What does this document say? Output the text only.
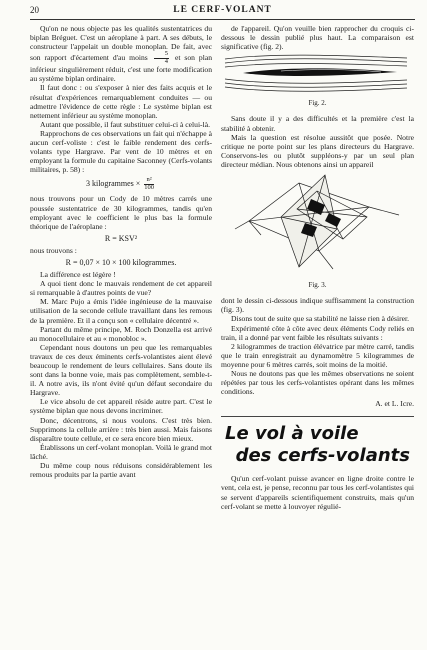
20	LE CERF-VOLANT

Qu'on ne nous objecte pas les qualités sustentatrices du biplan Bréguet. C'est un aéroplane à part. A ses débuts, le constructeur l'appelait un double monoplan. De fait, avec son rapport d'écartement d'au moins $\frac{5}{4}$ et son plan inférieur singulièrement réduit, c'est une forte modification au système biplan ordinaire.

Il faut donc : ou s'exposer à nier des faits acquis et le résultat d'expériences remarquablement conduites — ou admettre l'évidence de cette règle : Le système biplan est nettement inférieur au système monoplan.

Autant que possible, il faut substituer celui-ci à celui-là.

Rapprochons de ces observations un fait qui n'échappe à aucun cerf-voliste : c'est le faible rendement des cerfs-volants type Hargrave. Par vent de 10 mètres et en employant la formule du capitaine Saconney (Cerfs-volants militaires, p. 58) :

3 kilogrammes × $\frac{\text{n²}}{100}$

nous trouvons pour un Cody de 10 mètres carrés une poussée sustentatrice de 30 kilogrammes, tandis qu'en employant avec le coefficient le plus bas la formule théorique de l'aéroplane :

R = KSV²

nous trouvons :

R = 0,07 × 10 × 100 kilogrammes.

La différence est légère !

A quoi tient donc le mauvais rendement de cet appareil si remarquable à d'autres points de vue?

M. Marc Pujo a émis l'idée ingénieuse de la mauvaise utilisation de la seconde cellule travaillant dans les remous de la première. Et il a conçu son « cellulaire décentré ».

Partant du même principe, M. Roch Donzella est arrivé au monocellulaire et au « monobloc ».

Cependant nous doutons un peu que les remarquables travaux de ces deux éminents cerfs-volantistes aient élevé beaucoup le rendement de leurs cellulaires. Sans doute ils sont dans la bonne voie, mais pas complètement, semble-t-il. A notre avis, ils n'ont évité qu'un défaut secondaire du Hargrave.

Le vice absolu de cet appareil réside autre part. C'est le système biplan que nous devons incriminer.

Donc, décentrons, si nous voulons. C'est très bien. Supprimons la cellule arrière : très bien aussi. Mais faisons disparaître toute cellule, et ce sera encore bien mieux.

Établissons un cerf-volant monoplan. Voilà le grand mot lâché.

Du même coup nous réduisons considérablement les remous produits par la partie avant

de l'appareil. Qu'on veuille bien rapprocher du croquis ci-dessous le dessin publié plus haut. La comparaison est significative (fig. 2).

Fig. 2.

Sans doute il y a des difficultés et la première c'est la stabilité à obtenir.

Mais la question est résolue aussitôt que posée. Notre critique ne porte point sur les plans directeurs du Hargrave. Conservons-les ou plutôt suppléons-y par un seul plan directeur médian. Nous obtenons ainsi un appareil

Fig. 3.

dont le dessin ci-dessous indique suffisamment la construction (fig. 3).

Disons tout de suite que sa stabilité ne laisse rien à désirer.

Expérimenté côte à côte avec deux éléments Cody reliés en train, il a donné par vent faible les résultats suivants :

2 kilogrammes de traction élévatrice par mètre carré, tandis que le train enregistrait au dynamomètre 5 kilogrammes de moyenne pour 6 mètres carrés, soit moins de la moitié.

Nous ne doutons pas que les mêmes observations ne soient répétées par tous les cerfs-volantistes opérant dans les mêmes conditions.

A. et L. Icre.
Le vol à voile
des cerfs-volants

Qu'un cerf-volant puisse avancer en ligne droite contre le vent, cela est, je pense, reconnu par tous les cerf-volantistes qui se servent d'appareils scientifiquement construits, mais qu'un cerf-volant se mette à louvoyer régulié-
